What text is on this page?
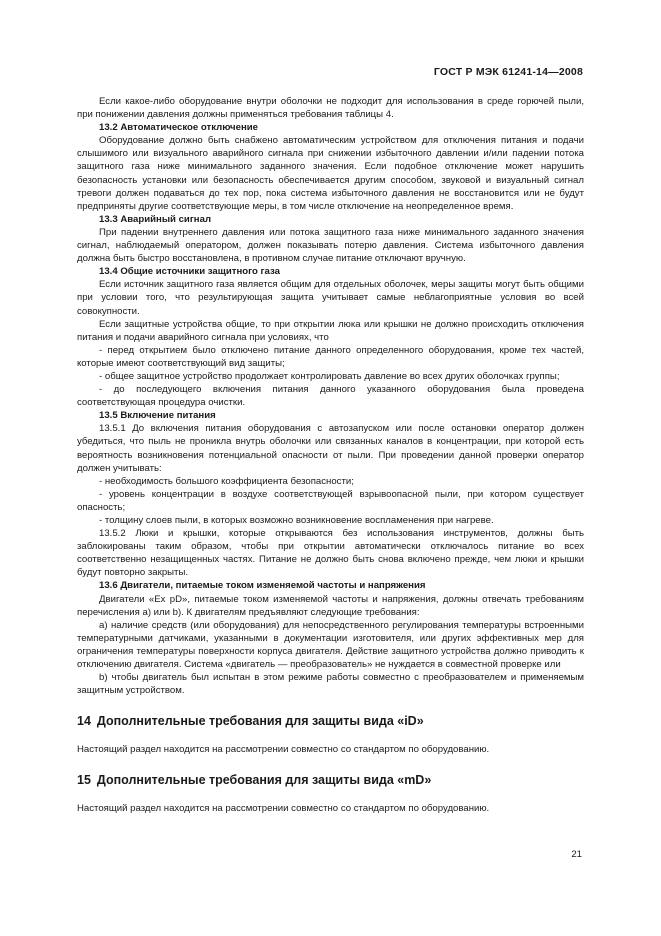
ГОСТ Р МЭК 61241-14—2008

Если какое-либо оборудование внутри оболочки не подходит для использования в среде горючей пыли, при понижении давления должны применяться требования таблицы 4.

13.2 Автоматическое отключение

Оборудование должно быть снабжено автоматическим устройством для отключения питания и подачи слышимого или визуального аварийного сигнала при снижении избыточного давлении и/или падении потока защитного газа ниже минимального заданного значения. Если подобное отключение может нарушить безопасность установки или безопасность обеспечивается другим способом, звуковой и визуальный сигнал тревоги должен подаваться до тех пор, пока система избыточного давления не восстановится или не будут предприняты другие соответствующие меры, в том числе отключение на неопределенное время.

13.3 Аварийный сигнал

При падении внутреннего давления или потока защитного газа ниже минимального заданного значения сигнал, наблюдаемый оператором, должен показывать потерю давления. Система избыточного давления должна быть быстро восстановлена, в противном случае питание отключают вручную.

13.4 Общие источники защитного газа

Если источник защитного газа является общим для отдельных оболочек, меры защиты могут быть общими при условии того, что результирующая защита учитывает самые неблагоприятные условия во всей совокупности.

Если защитные устройства общие, то при открытии люка или крышки не должно происходить отключения питания и подачи аварийного сигнала при условиях, что

- перед открытием было отключено питание данного определенного оборудования, кроме тех частей, которые имеют соответствующий вид защиты;

- общее защитное устройство продолжает контролировать давление во всех других оболочках группы;

- до последующего включения питания данного указанного оборудования была проведена соответствующая процедура очистки.

13.5 Включение питания

13.5.1 До включения питания оборудования с автозапуском или после остановки оператор должен убедиться, что пыль не проникла внутрь оболочки или связанных каналов в концентрации, при которой есть вероятность возникновения потенциальной опасности от пыли. При проведении данной проверки оператор должен учитывать:

- необходимость большого коэффициента безопасности;

- уровень концентрации в воздухе соответствующей взрывоопасной пыли, при котором существует опасность;

- толщину слоев пыли, в которых возможно возникновение воспламенения при нагреве.

13.5.2 Люки и крышки, которые открываются без использования инструментов, должны быть заблокированы таким образом, чтобы при открытии автоматически отключалось питание во всех соответственно незащищенных частях. Питание не должно быть снова включено прежде, чем люки и крышки будут повторно закрыты.

13.6 Двигатели, питаемые током изменяемой частоты и напряжения

Двигатели «Ex pD», питаемые током изменяемой частоты и напряжения, должны отвечать требованиям перечисления a) или b). К двигателям предъявляют следующие требования:

a) наличие средств (или оборудования) для непосредственного регулирования температуры встроенными температурными датчиками, указанными в документации изготовителя, или других эффективных мер для ограничения температуры поверхности корпуса двигателя. Действие защитного устройства должно приводить к отключению двигателя. Система «двигатель — преобразователь» не нуждается в совместной проверке или

b) чтобы двигатель был испытан в этом режиме работы совместно с преобразователем и применяемым защитным устройством.

14 Дополнительные требования для защиты вида «iD»

Настоящий раздел находится на рассмотрении совместно со стандартом по оборудованию.

15 Дополнительные требования для защиты вида «mD»

Настоящий раздел находится на рассмотрении совместно со стандартом по оборудованию.

21
